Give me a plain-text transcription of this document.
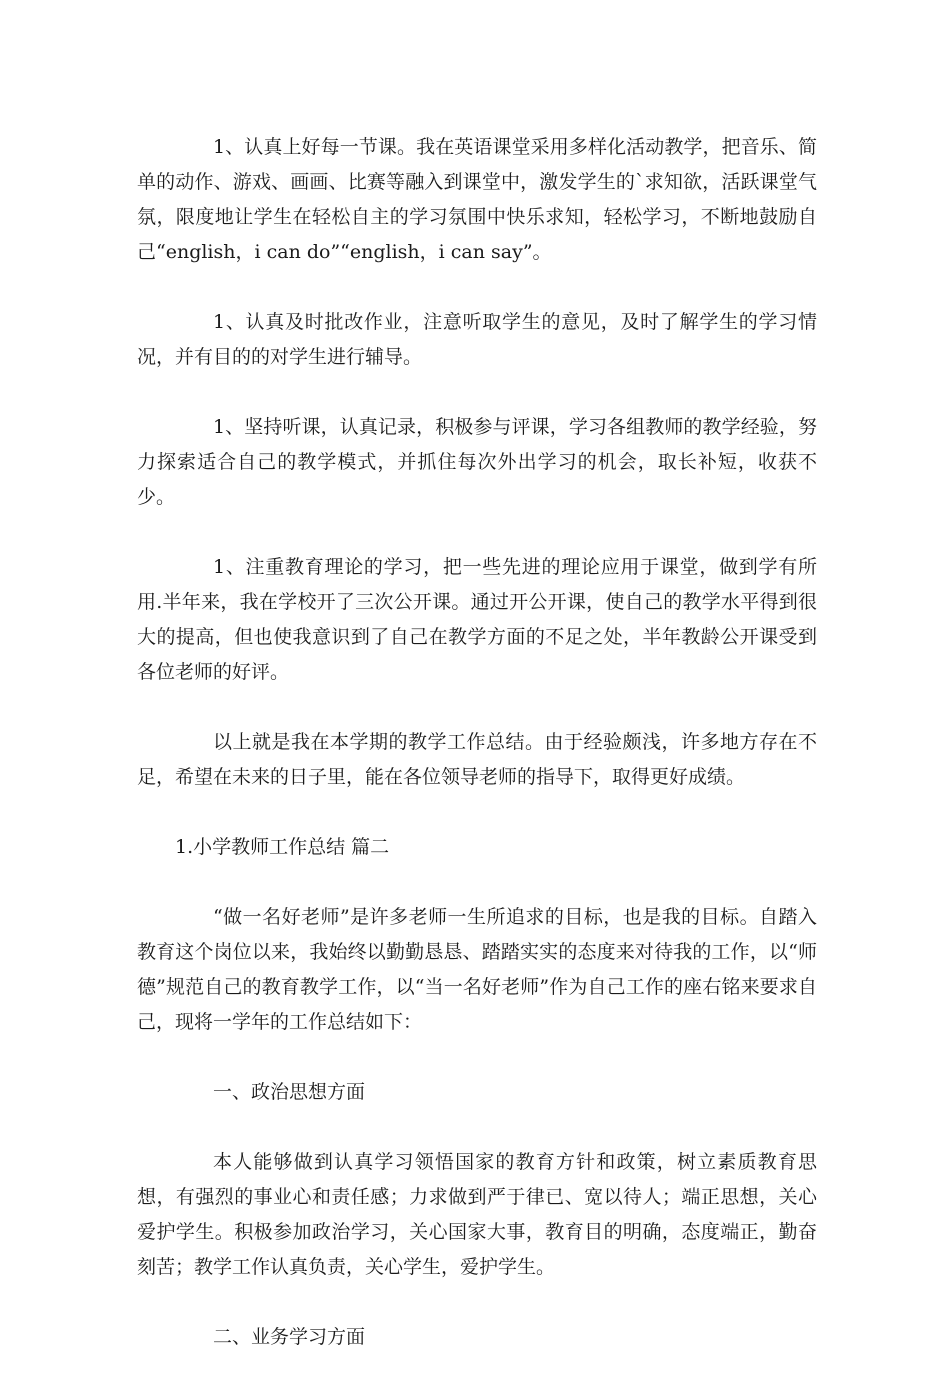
1、认真上好每一节课。我在英语课堂采用多样化活动教学，把音乐、简单的动作、游戏、画画、比赛等融入到课堂中，激发学生的`求知欲，活跃课堂气氛，限度地让学生在轻松自主的学习氛围中快乐求知，轻松学习，不断地鼓励自己“english，i can do”“english，i can say”。

1、认真及时批改作业，注意听取学生的意见，及时了解学生的学习情况，并有目的的对学生进行辅导。

1、坚持听课，认真记录，积极参与评课，学习各组教师的教学经验，努力探索适合自己的教学模式，并抓住每次外出学习的机会，取长补短，收获不少。

1、注重教育理论的学习，把一些先进的理论应用于课堂，做到学有所用.半年来，我在学校开了三次公开课。通过开公开课，使自己的教学水平得到很大的提高，但也使我意识到了自己在教学方面的不足之处，半年教龄公开课受到各位老师的好评。

以上就是我在本学期的教学工作总结。由于经验颇浅，许多地方存在不足，希望在未来的日子里，能在各位领导老师的指导下，取得更好成绩。

1.小学教师工作总结 篇二

“做一名好老师”是许多老师一生所追求的目标，也是我的目标。自踏入教育这个岗位以来，我始终以勤勤恳恳、踏踏实实的态度来对待我的工作，以“师德”规范自己的教育教学工作，以“当一名好老师”作为自己工作的座右铭来要求自己，现将一学年的工作总结如下：

一、政治思想方面

本人能够做到认真学习领悟国家的教育方针和政策，树立素质教育思想，有强烈的事业心和责任感；力求做到严于律已、宽以待人；端正思想，关心爱护学生。积极参加政治学习，关心国家大事，教育目的明确，态度端正，勤奋刻苦；教学工作认真负责，关心学生，爱护学生。

二、业务学习方面
